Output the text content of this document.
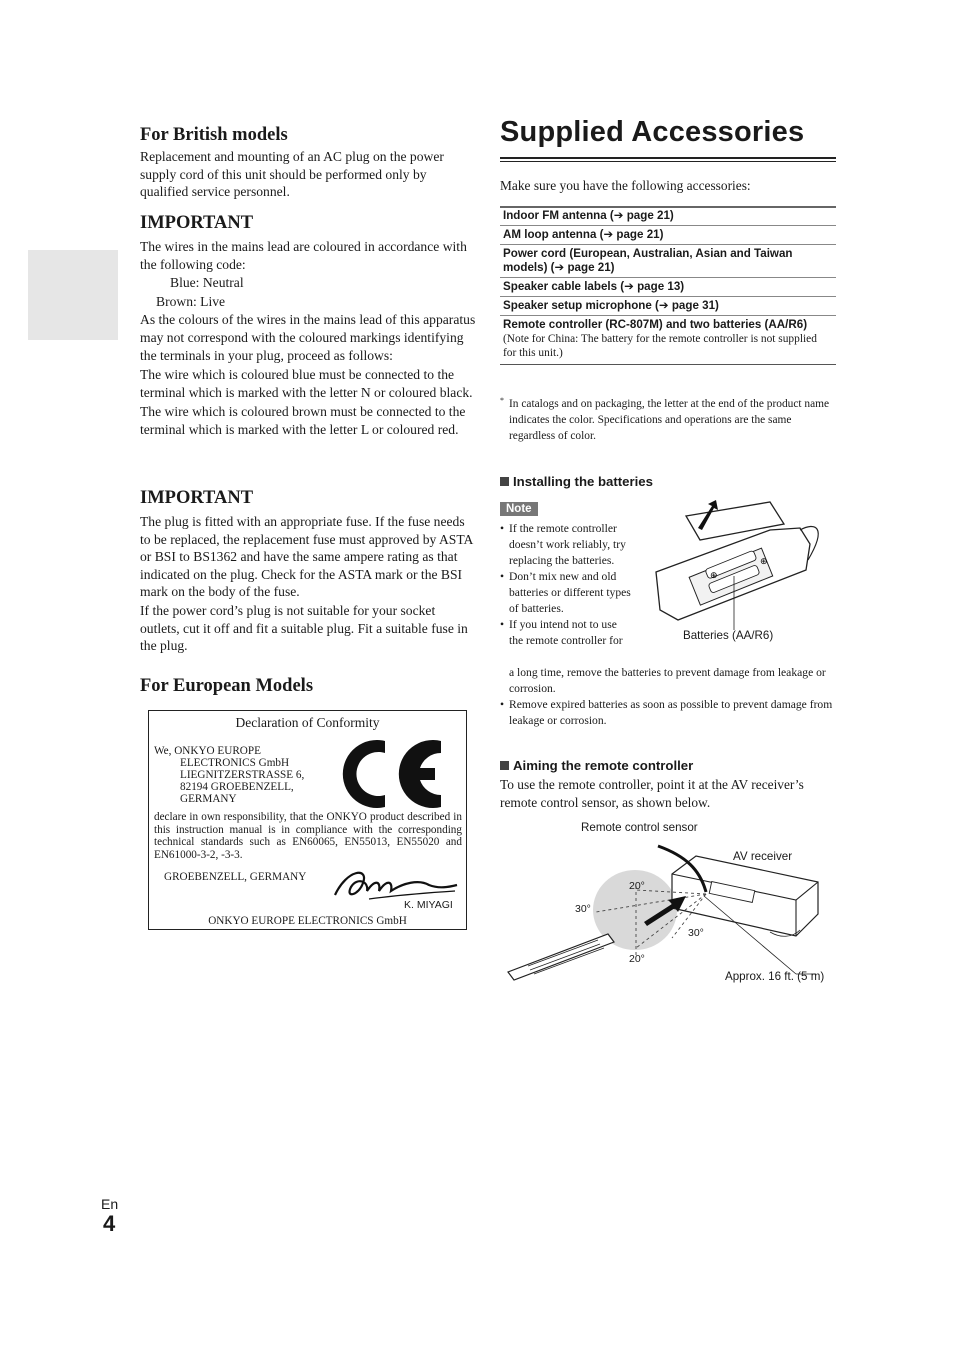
For British models

Replacement and mounting of an AC plug on the power supply cord of this unit should be performed only by qualified service personnel.

IMPORTANT

The wires in the mains lead are coloured in accordance with the following code:

Blue: Neutral

Brown: Live

As the colours of the wires in the mains lead of this apparatus may not correspond with the coloured markings identifying the terminals in your plug, proceed as follows:

The wire which is coloured blue must be connected to the terminal which is marked with the letter N or coloured black.

The wire which is coloured brown must be connected to the terminal which is marked with the letter L or coloured red.

IMPORTANT

The plug is fitted with an appropriate fuse. If the fuse needs to be replaced, the replacement fuse must approved by ASTA or BSI to BS1362 and have the same ampere rating as that indicated on the plug. Check for the ASTA mark or the BSI mark on the body of the fuse.

If the power cord’s plug is not suitable for your socket outlets, cut it off and fit a suitable plug. Fit a suitable fuse in the plug.

For European Models
Declaration of Conformity
We, ONKYO EUROPE
ELECTRONICS GmbH
LIEGNITZERSTRASSE 6,
82194 GROEBENZELL,
GERMANY
declare in own responsibility, that the ONKYO product described in this instruction manual is in compliance with the corresponding technical standards such as EN60065, EN55013, EN55020 and EN61000-3-2, -3-3.
GROEBENZELL, GERMANY
K. MIYAGI
ONKYO EUROPE ELECTRONICS GmbH
Supplied Accessories

Make sure you have the following accessories:

Indoor FM antenna (➔ page 21)
AM loop antenna (➔ page 21)
Power cord (European, Australian, Asian and Taiwan models) (➔ page 21)
Speaker cable labels (➔ page 13)
Speaker setup microphone (➔ page 31)
Remote controller (RC-807M) and two batteries (AA/R6)
(Note for China: The battery for the remote controller is not supplied for this unit.)
* In catalogs and on packaging, the letter at the end of the product name indicates the color. Specifications and operations are the same regardless of color.
Installing the batteries
Note
• If the remote controller doesn’t work reliably, try replacing the batteries.
• Don’t mix new and old batteries or different types of batteries.
• If you intend not to use the remote controller for
a long time, remove the batteries to prevent damage from leakage or corrosion.
• Remove expired batteries as soon as possible to prevent damage from leakage or corrosion.
⊕
⊕
Batteries (AA/R6)
Aiming the remote controller

To use the remote controller, point it at the AV receiver’s remote control sensor, as shown below.

Remote control sensor
AV receiver
20°
30°
30°
20°
Approx. 16 ft. (5 m)
En
4
